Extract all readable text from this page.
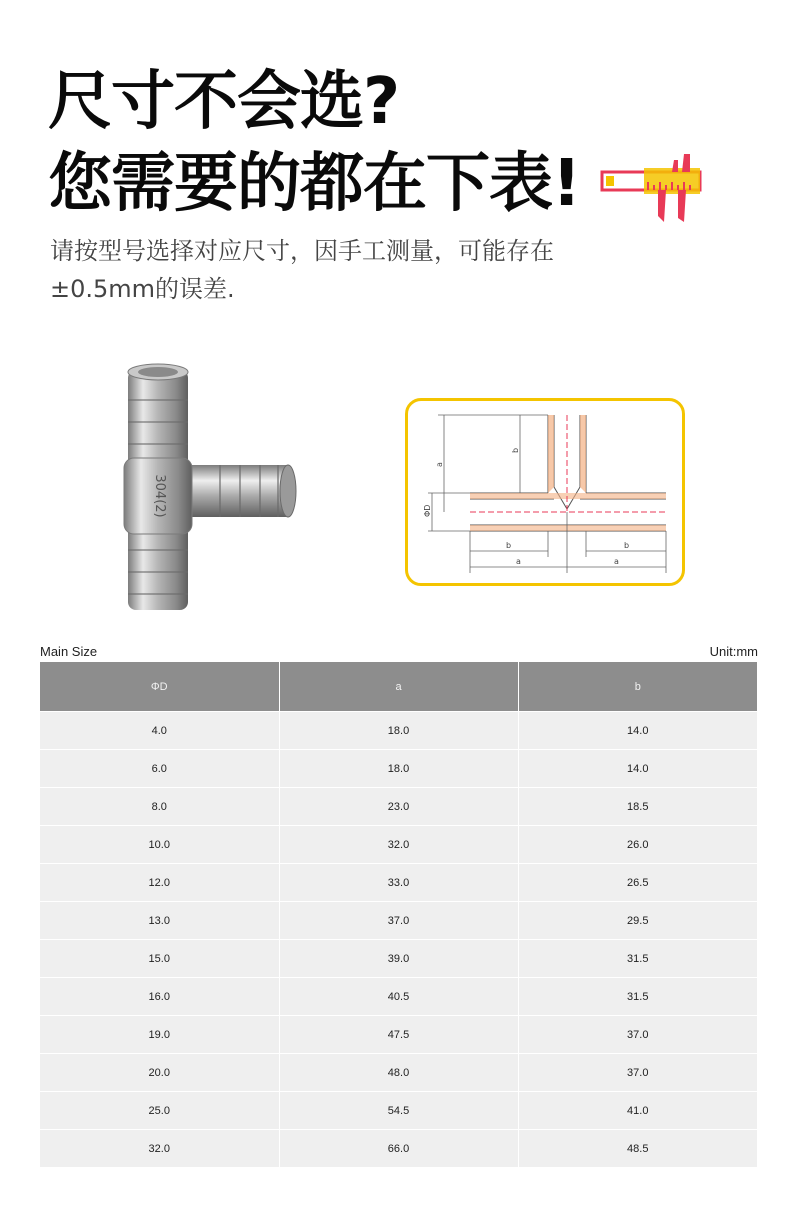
尺寸不会选?
您需要的都在下表!
请按型号选择对应尺寸，因手工测量，可能存在±0.5mm的误差.
304(2)
a
b
ΦD
b	b
a	a
Main Size	Unit:mm
ΦD	a	b
4.0	18.0	14.0
6.0	18.0	14.0
8.0	23.0	18.5
10.0	32.0	26.0
12.0	33.0	26.5
13.0	37.0	29.5
15.0	39.0	31.5
16.0	40.5	31.5
19.0	47.5	37.0
20.0	48.0	37.0
25.0	54.5	41.0
32.0	66.0	48.5
